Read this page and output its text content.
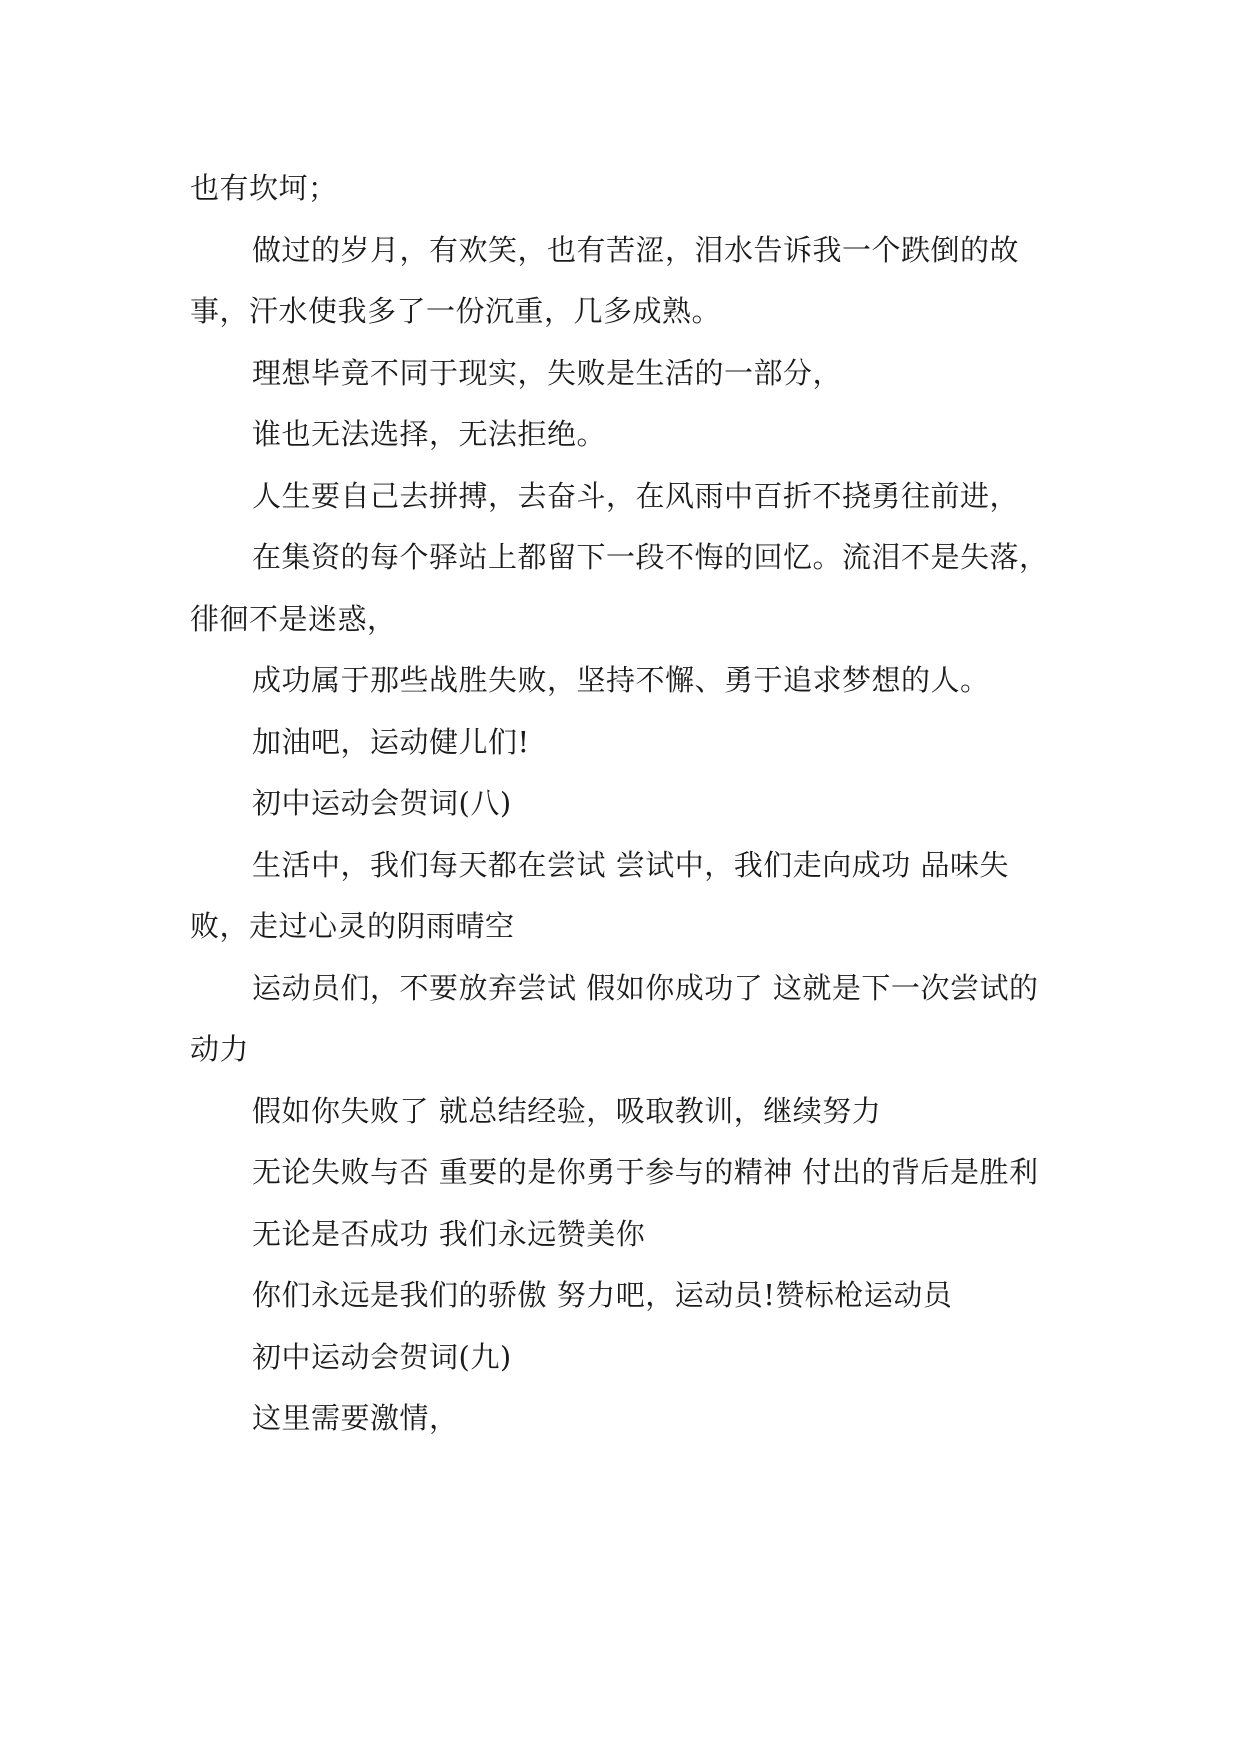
也有坎坷；

做过的岁月，有欢笑，也有苦涩，泪水告诉我一个跌倒的故事，汗水使我多了一份沉重，几多成熟。

理想毕竟不同于现实，失败是生活的一部分，

谁也无法选择，无法拒绝。

人生要自己去拼搏，去奋斗，在风雨中百折不挠勇往前进，

在集资的每个驿站上都留下一段不悔的回忆。流泪不是失落，徘徊不是迷惑，

成功属于那些战胜失败，坚持不懈、勇于追求梦想的人。

加油吧，运动健儿们!

初中运动会贺词(八)

生活中，我们每天都在尝试 尝试中，我们走向成功 品味失败，走过心灵的阴雨晴空

运动员们，不要放弃尝试 假如你成功了 这就是下一次尝试的动力

假如你失败了 就总结经验，吸取教训，继续努力

无论失败与否 重要的是你勇于参与的精神 付出的背后是胜利

无论是否成功 我们永远赞美你

你们永远是我们的骄傲 努力吧，运动员!赞标枪运动员

初中运动会贺词(九)

这里需要激情，
